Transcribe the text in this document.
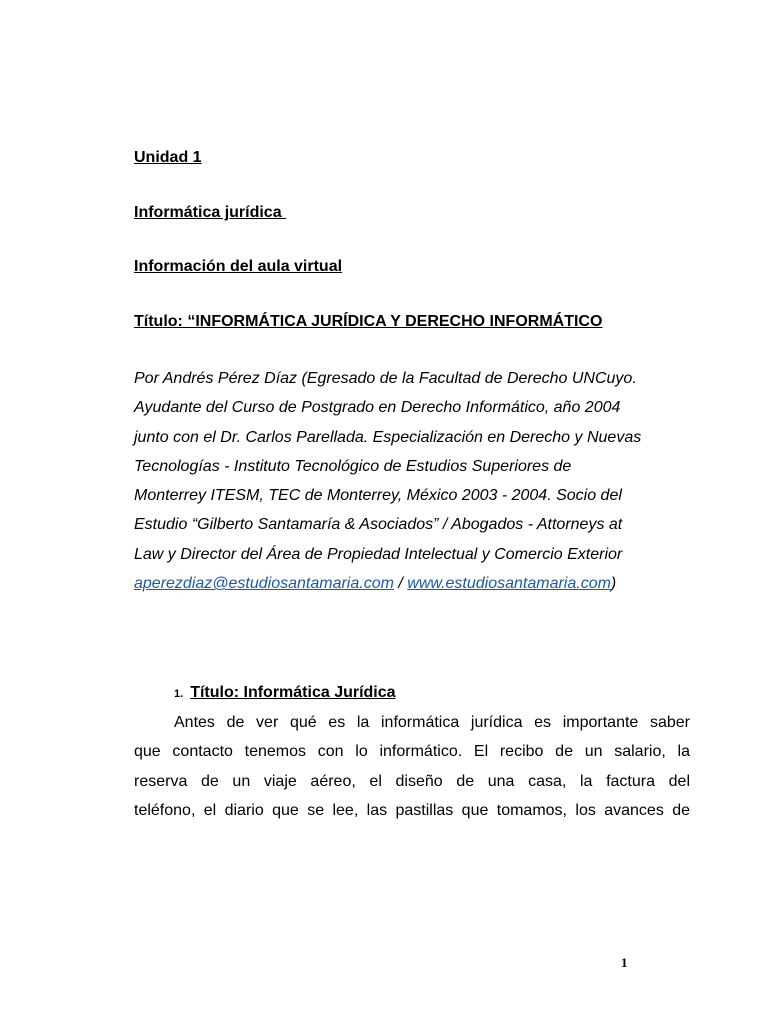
Unidad 1

Informática jurídica

Información del aula virtual

Título: “INFORMÁTICA JURÍDICA Y DERECHO INFORMÁTICO

Por Andrés Pérez Díaz (Egresado de la Facultad de Derecho UNCuyo.
Ayudante del Curso de Postgrado en Derecho Informático, año 2004
junto con el Dr. Carlos Parellada. Especialización en Derecho y Nuevas
Tecnologías - Instituto Tecnológico de Estudios Superiores de
Monterrey ITESM, TEC de Monterrey, México 2003 - 2004. Socio del
Estudio “Gilberto Santamaría & Asociados” / Abogados - Attorneys at
Law y Director del Área de Propiedad Intelectual y Comercio Exterior
aperezdiaz@estudiosantamaria.com / www.estudiosantamaria.com)

1. Título: Informática Jurídica

Antes de ver qué es la informática jurídica es importante saber
que contacto tenemos con lo informático. El recibo de un salario, la
reserva de un viaje aéreo, el diseño de una casa, la factura del
teléfono, el diario que se lee, las pastillas que tomamos, los avances de

1
